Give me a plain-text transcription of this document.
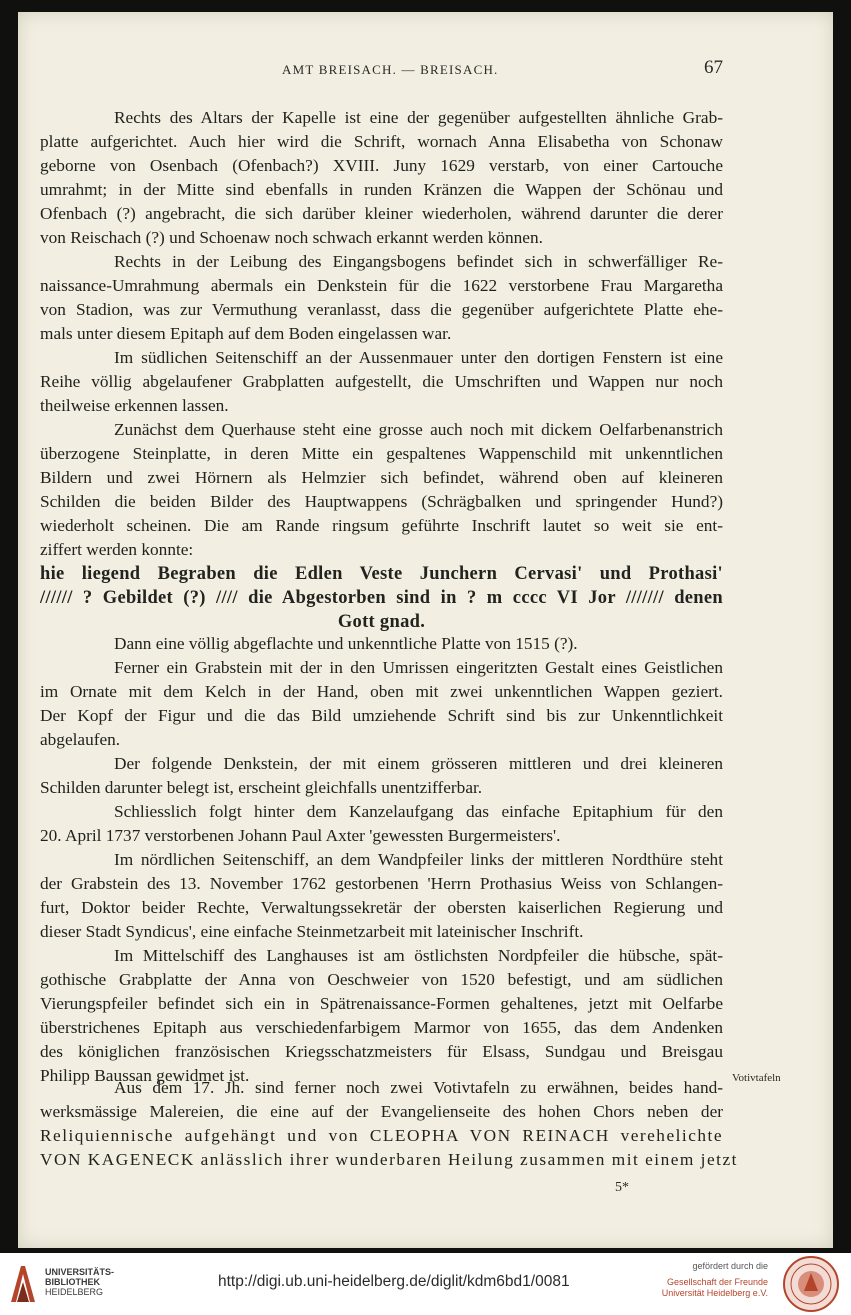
AMT BREISACH. — BREISACH.	67
Rechts des Altars der Kapelle ist eine der gegenüber aufgestellten ähnliche Grab-
platte aufgerichtet. Auch hier wird die Schrift, wornach Anna Elisabetha von Schonaw
geborne von Osenbach (Ofenbach?) XVIII. Juny 1629 verstarb, von einer Cartouche
umrahmt; in der Mitte sind ebenfalls in runden Kränzen die Wappen der Schönau und
Ofenbach (?) angebracht, die sich darüber kleiner wiederholen, während darunter die derer
von Reischach (?) und Schoenaw noch schwach erkannt werden können.
Rechts in der Leibung des Eingangsbogens befindet sich in schwerfälliger Re-
naissance-Umrahmung abermals ein Denkstein für die 1622 verstorbene Frau Margaretha
von Stadion, was zur Vermuthung veranlasst, dass die gegenüber aufgerichtete Platte ehe-
mals unter diesem Epitaph auf dem Boden eingelassen war.
Im südlichen Seitenschiff an der Aussenmauer unter den dortigen Fenstern ist eine
Reihe völlig abgelaufener Grabplatten aufgestellt, die Umschriften und Wappen nur noch
theilweise erkennen lassen.
Zunächst dem Querhause steht eine grosse auch noch mit dickem Oelfarbenanstrich
überzogene Steinplatte, in deren Mitte ein gespaltenes Wappenschild mit unkenntlichen
Bildern und zwei Hörnern als Helmzier sich befindet, während oben auf kleineren
Schilden die beiden Bilder des Hauptwappens (Schrägbalken und springender Hund?)
wiederholt scheinen. Die am Rande ringsum geführte Inschrift lautet so weit sie ent-
ziffert werden konnte:
hie liegend Begraben die Edlen Veste Junchern Cervasi' und Prothasi'
////// ? Gebildet (?) //// die Abgestorben sind in ? m cccc VI Jor /////// denen
Gott gnad.
Dann eine völlig abgeflachte und unkenntliche Platte von 1515 (?).
Ferner ein Grabstein mit der in den Umrissen eingeritzten Gestalt eines Geistlichen
im Ornate mit dem Kelch in der Hand, oben mit zwei unkenntlichen Wappen geziert.
Der Kopf der Figur und die das Bild umziehende Schrift sind bis zur Unkenntlichkeit
abgelaufen.
Der folgende Denkstein, der mit einem grösseren mittleren und drei kleineren
Schilden darunter belegt ist, erscheint gleichfalls unentzifferbar.
Schliesslich folgt hinter dem Kanzelaufgang das einfache Epitaphium für den
20. April 1737 verstorbenen Johann Paul Axter 'gewessten Burgermeisters'.
Im nördlichen Seitenschiff, an dem Wandpfeiler links der mittleren Nordthüre steht
der Grabstein des 13. November 1762 gestorbenen 'Herrn Prothasius Weiss von Schlangen-
furt, Doktor beider Rechte, Verwaltungssekretär der obersten kaiserlichen Regierung und
dieser Stadt Syndicus', eine einfache Steinmetzarbeit mit lateinischer Inschrift.
Im Mittelschiff des Langhauses ist am östlichsten Nordpfeiler die hübsche, spät-
gothische Grabplatte der Anna von Oeschweier von 1520 befestigt, und am südlichen
Vierungspfeiler befindet sich ein in Spätrenaissance-Formen gehaltenes, jetzt mit Oelfarbe
überstrichenes Epitaph aus verschiedenfarbigem Marmor von 1655, das dem Andenken
des königlichen französischen Kriegsschatzmeisters für Elsass, Sundgau und Breisgau
Philipp Baussan gewidmet ist.
Aus dem 17. Jh. sind ferner noch zwei Votivtafeln zu erwähnen, beides hand-
werksmässige Malereien, die eine auf der Evangelienseite des hohen Chors neben der
Reliquiennische aufgehängt und von CLEOPHA VON REINACH verehelichte
VON KAGENECK anlässlich ihrer wunderbaren Heilung zusammen mit einem jetzt
Votivtafeln
5*
UNIVERSITÄTS-
BIBLIOTHEK
HEIDELBERG
http://digi.ub.uni-heidelberg.de/diglit/kdm6bd1/0081
gefördert durch die
Gesellschaft der Freunde
Universität Heidelberg e.V.
